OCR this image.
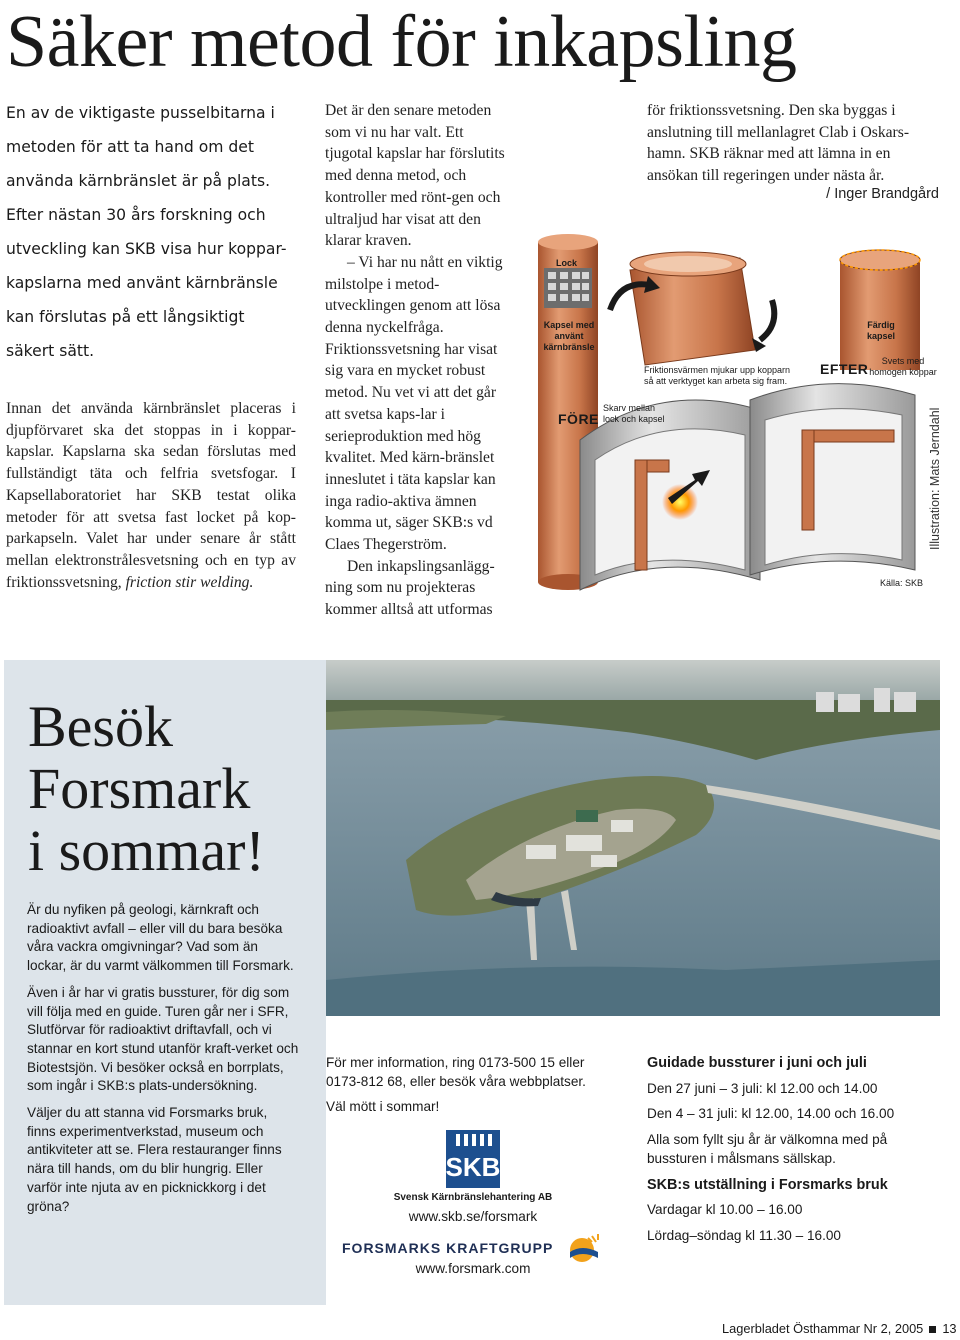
Säker metod för inkapsling
En av de viktigaste pusselbitarna i metoden för att ta hand om det använda kärnbränslet är på plats. Efter nästan 30 års forskning och utveckling kan SKB visa hur koppar-kapslarna med använt kärnbränsle kan förslutas på ett långsiktigt säkert sätt.

Innan det använda kärnbränslet placeras i djupförvaret ska det stoppas in i koppar-kapslar. Kapslarna ska sedan förslutas med fullständigt täta och felfria svetsfogar. I Kapsellaboratoriet har SKB testat olika metoder för att svetsa fast locket på kop-parkapseln. Valet har under senare år stått mellan elektronstrålesvetsning och en typ av friktionssvetsning, friction stir welding.

Det är den senare metoden som vi nu har valt. Ett tjugotal kapslar har förslutits med denna metod, och kontroller med rönt-gen och ultraljud har visat att den klarar kraven.

– Vi har nu nått en viktig milstolpe i metod-utvecklingen genom att lösa denna nyckelfråga. Friktionssvetsning har visat sig vara en mycket robust metod. Nu vet vi att det går att svetsa kaps-lar i serieproduktion med hög kvalitet. Med kärn-bränslet inneslutet i täta kapslar kan inga radio-aktiva ämnen komma ut, säger SKB:s vd Claes Thegerström.

Den inkapslingsanlägg-ning som nu projekteras kommer alltså att utformas

för friktionssvetsning. Den ska byggas i anslutning till mellanlagret Clab i Oskars-hamn. SKB räknar med att lämna in en ansökan till regeringen under nästa år.

/ Inger Brandgård
Lock
Kapsel med använt kärnbränsle
FÖRE
Skarv mellan lock och kapsel
Friktionsvärmen mjukar upp kopparn så att verktyget kan arbeta sig fram.
EFTER
Färdig kapsel
Svets med homogen koppar
Källa: SKB
Illustration: Mats Jerndahl
Besök
Forsmark
i sommar!

Är du nyfiken på geologi, kärnkraft och radioaktivt avfall – eller vill du bara besöka våra vackra omgivningar? Vad som än lockar, är du varmt välkommen till Forsmark.

Även i år har vi gratis bussturer, för dig som vill följa med en guide. Turen går ner i SFR, Slutförvar för radioaktivt driftavfall, och vi stannar en kort stund utanför kraft-verket och Biotestsjön. Vi besöker också en borrplats, som ingår i SKB:s plats-undersökning.

Väljer du att stanna vid Forsmarks bruk, finns experimentverkstad, museum och antikviteter att se. Flera restauranger finns nära till hands, om du blir hungrig. Eller varför inte njuta av en picknickkorg i det gröna?

För mer information, ring 0173-500 15 eller 0173-812 68, eller besök våra webbplatser.
Väl mött i sommar!
SKB
Svensk Kärnbränslehantering AB
www.skb.se/forsmark
FORSMARKS KRAFTGRUPP
www.forsmark.com
Guidade bussturer i juni och juli
Den 27 juni – 3 juli: kl 12.00 och 14.00
Den 4 – 31 juli: kl 12.00, 14.00 och 16.00
Alla som fyllt sju år är välkomna med på bussturen i målsmans sällskap.
SKB:s utställning i Forsmarks bruk
Vardagar kl 10.00 – 16.00
Lördag–söndag kl 11.30 – 16.00
Lagerbladet Östhammar Nr 2, 2005 13
